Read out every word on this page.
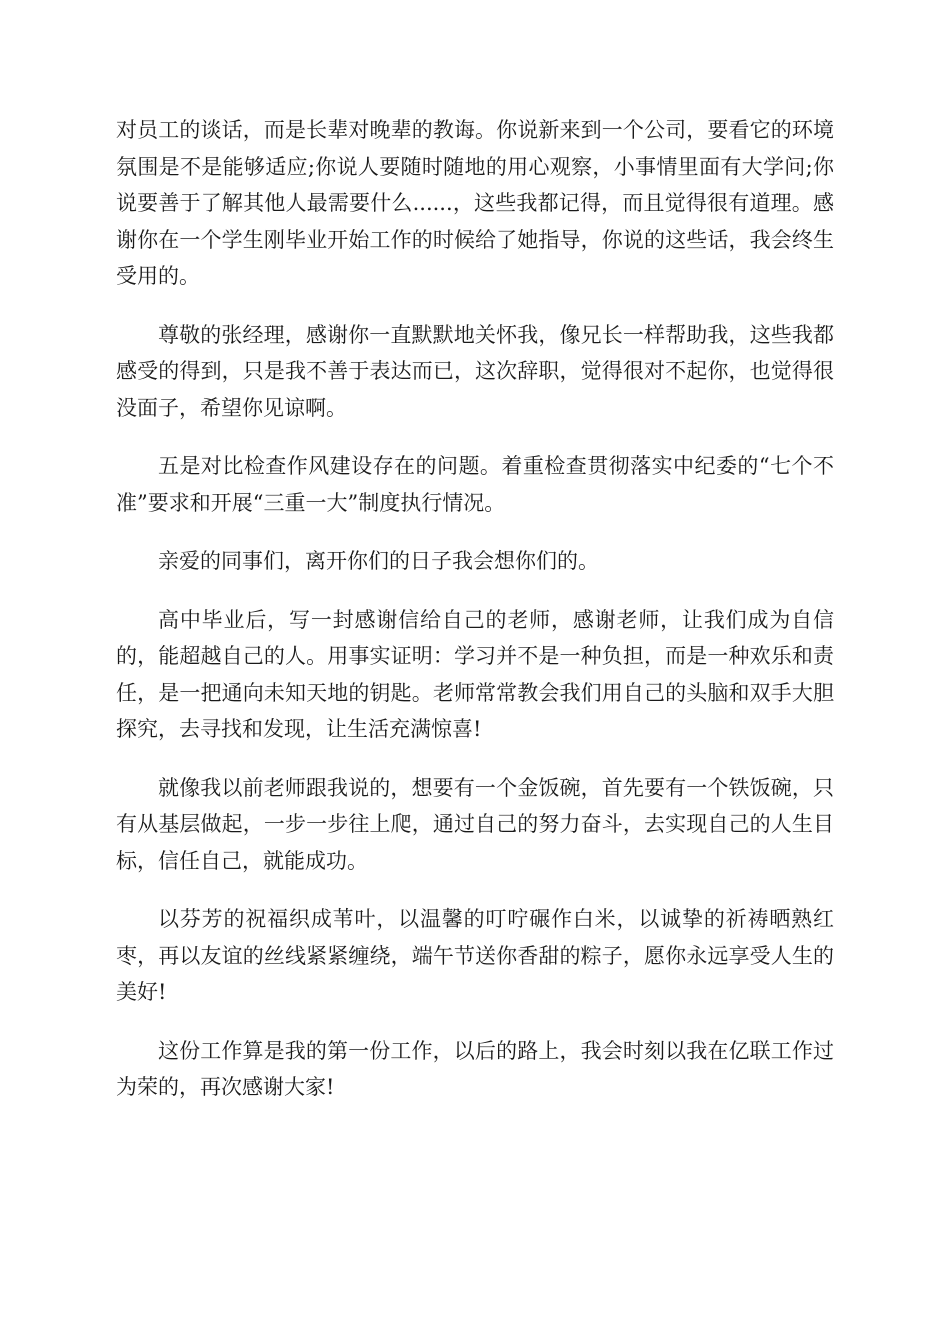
对员工的谈话，而是长辈对晚辈的教诲。你说新来到一个公司，要看它的环境氛围是不是能够适应;你说人要随时随地的用心观察，小事情里面有大学问;你说要善于了解其他人最需要什么......，这些我都记得，而且觉得很有道理。感谢你在一个学生刚毕业开始工作的时候给了她指导，你说的这些话，我会终生受用的。

尊敬的张经理，感谢你一直默默地关怀我，像兄长一样帮助我，这些我都感受的得到，只是我不善于表达而已，这次辞职，觉得很对不起你，也觉得很没面子，希望你见谅啊。

五是对比检查作风建设存在的问题。着重检查贯彻落实中纪委的“七个不准”要求和开展“三重一大”制度执行情况。

亲爱的同事们，离开你们的日子我会想你们的。

高中毕业后，写一封感谢信给自己的老师，感谢老师，让我们成为自信的，能超越自己的人。用事实证明：学习并不是一种负担，而是一种欢乐和责任，是一把通向未知天地的钥匙。老师常常教会我们用自己的头脑和双手大胆探究，去寻找和发现，让生活充满惊喜!

就像我以前老师跟我说的，想要有一个金饭碗，首先要有一个铁饭碗，只有从基层做起，一步一步往上爬，通过自己的努力奋斗，去实现自己的人生目标，信任自己，就能成功。

以芬芳的祝福织成苇叶，以温馨的叮咛碾作白米，以诚挚的祈祷晒熟红枣，再以友谊的丝线紧紧缠绕，端午节送你香甜的粽子，愿你永远享受人生的美好!

这份工作算是我的第一份工作，以后的路上，我会时刻以我在亿联工作过为荣的，再次感谢大家!
